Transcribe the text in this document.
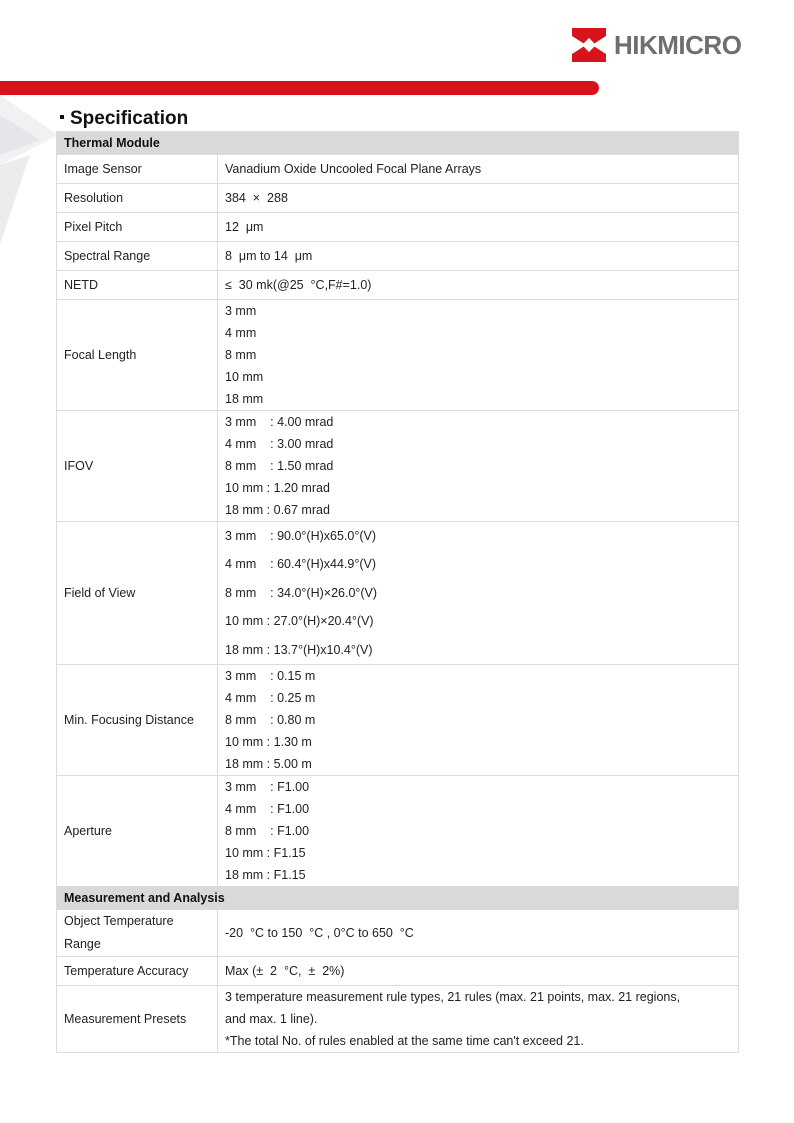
HIKMICRO
Specification
Thermal Module	

Image Sensor	Vanadium Oxide Uncooled Focal Plane Arrays

Resolution	384  ×  288

Pixel Pitch	12  μm

Spectral Range	8  μm to 14  μm

NETD	≤  30 mk(@25  °C,F#=1.0)

Focal Length	3 mm
4 mm
8 mm
10 mm
18 mm

IFOV	3 mm    : 4.00 mrad
4 mm    : 3.00 mrad
8 mm    : 1.50 mrad
10 mm : 1.20 mrad
18 mm : 0.67 mrad

Field of View	3 mm    : 90.0°(H)x65.0°(V)
4 mm    : 60.4°(H)x44.9°(V)
8 mm    : 34.0°(H)×26.0°(V)
10 mm : 27.0°(H)×20.4°(V)
18 mm : 13.7°(H)x10.4°(V)

Min. Focusing Distance	3 mm    : 0.15 m
4 mm    : 0.25 m
8 mm    : 0.80 m
10 mm : 1.30 m
18 mm : 5.00 m

Aperture	3 mm    : F1.00
4 mm    : F1.00
8 mm    : F1.00
10 mm : F1.15
18 mm : F1.15

Measurement and Analysis	

Object Temperature
Range	-20  °C to 150  °C , 0°C to 650  °C

Temperature Accuracy	Max (±  2  °C,  ±  2%)

Measurement Presets	3 temperature measurement rule types, 21 rules (max. 21 points, max. 21 regions,
and max. 1 line).
*The total No. of rules enabled at the same time can't exceed 21.
